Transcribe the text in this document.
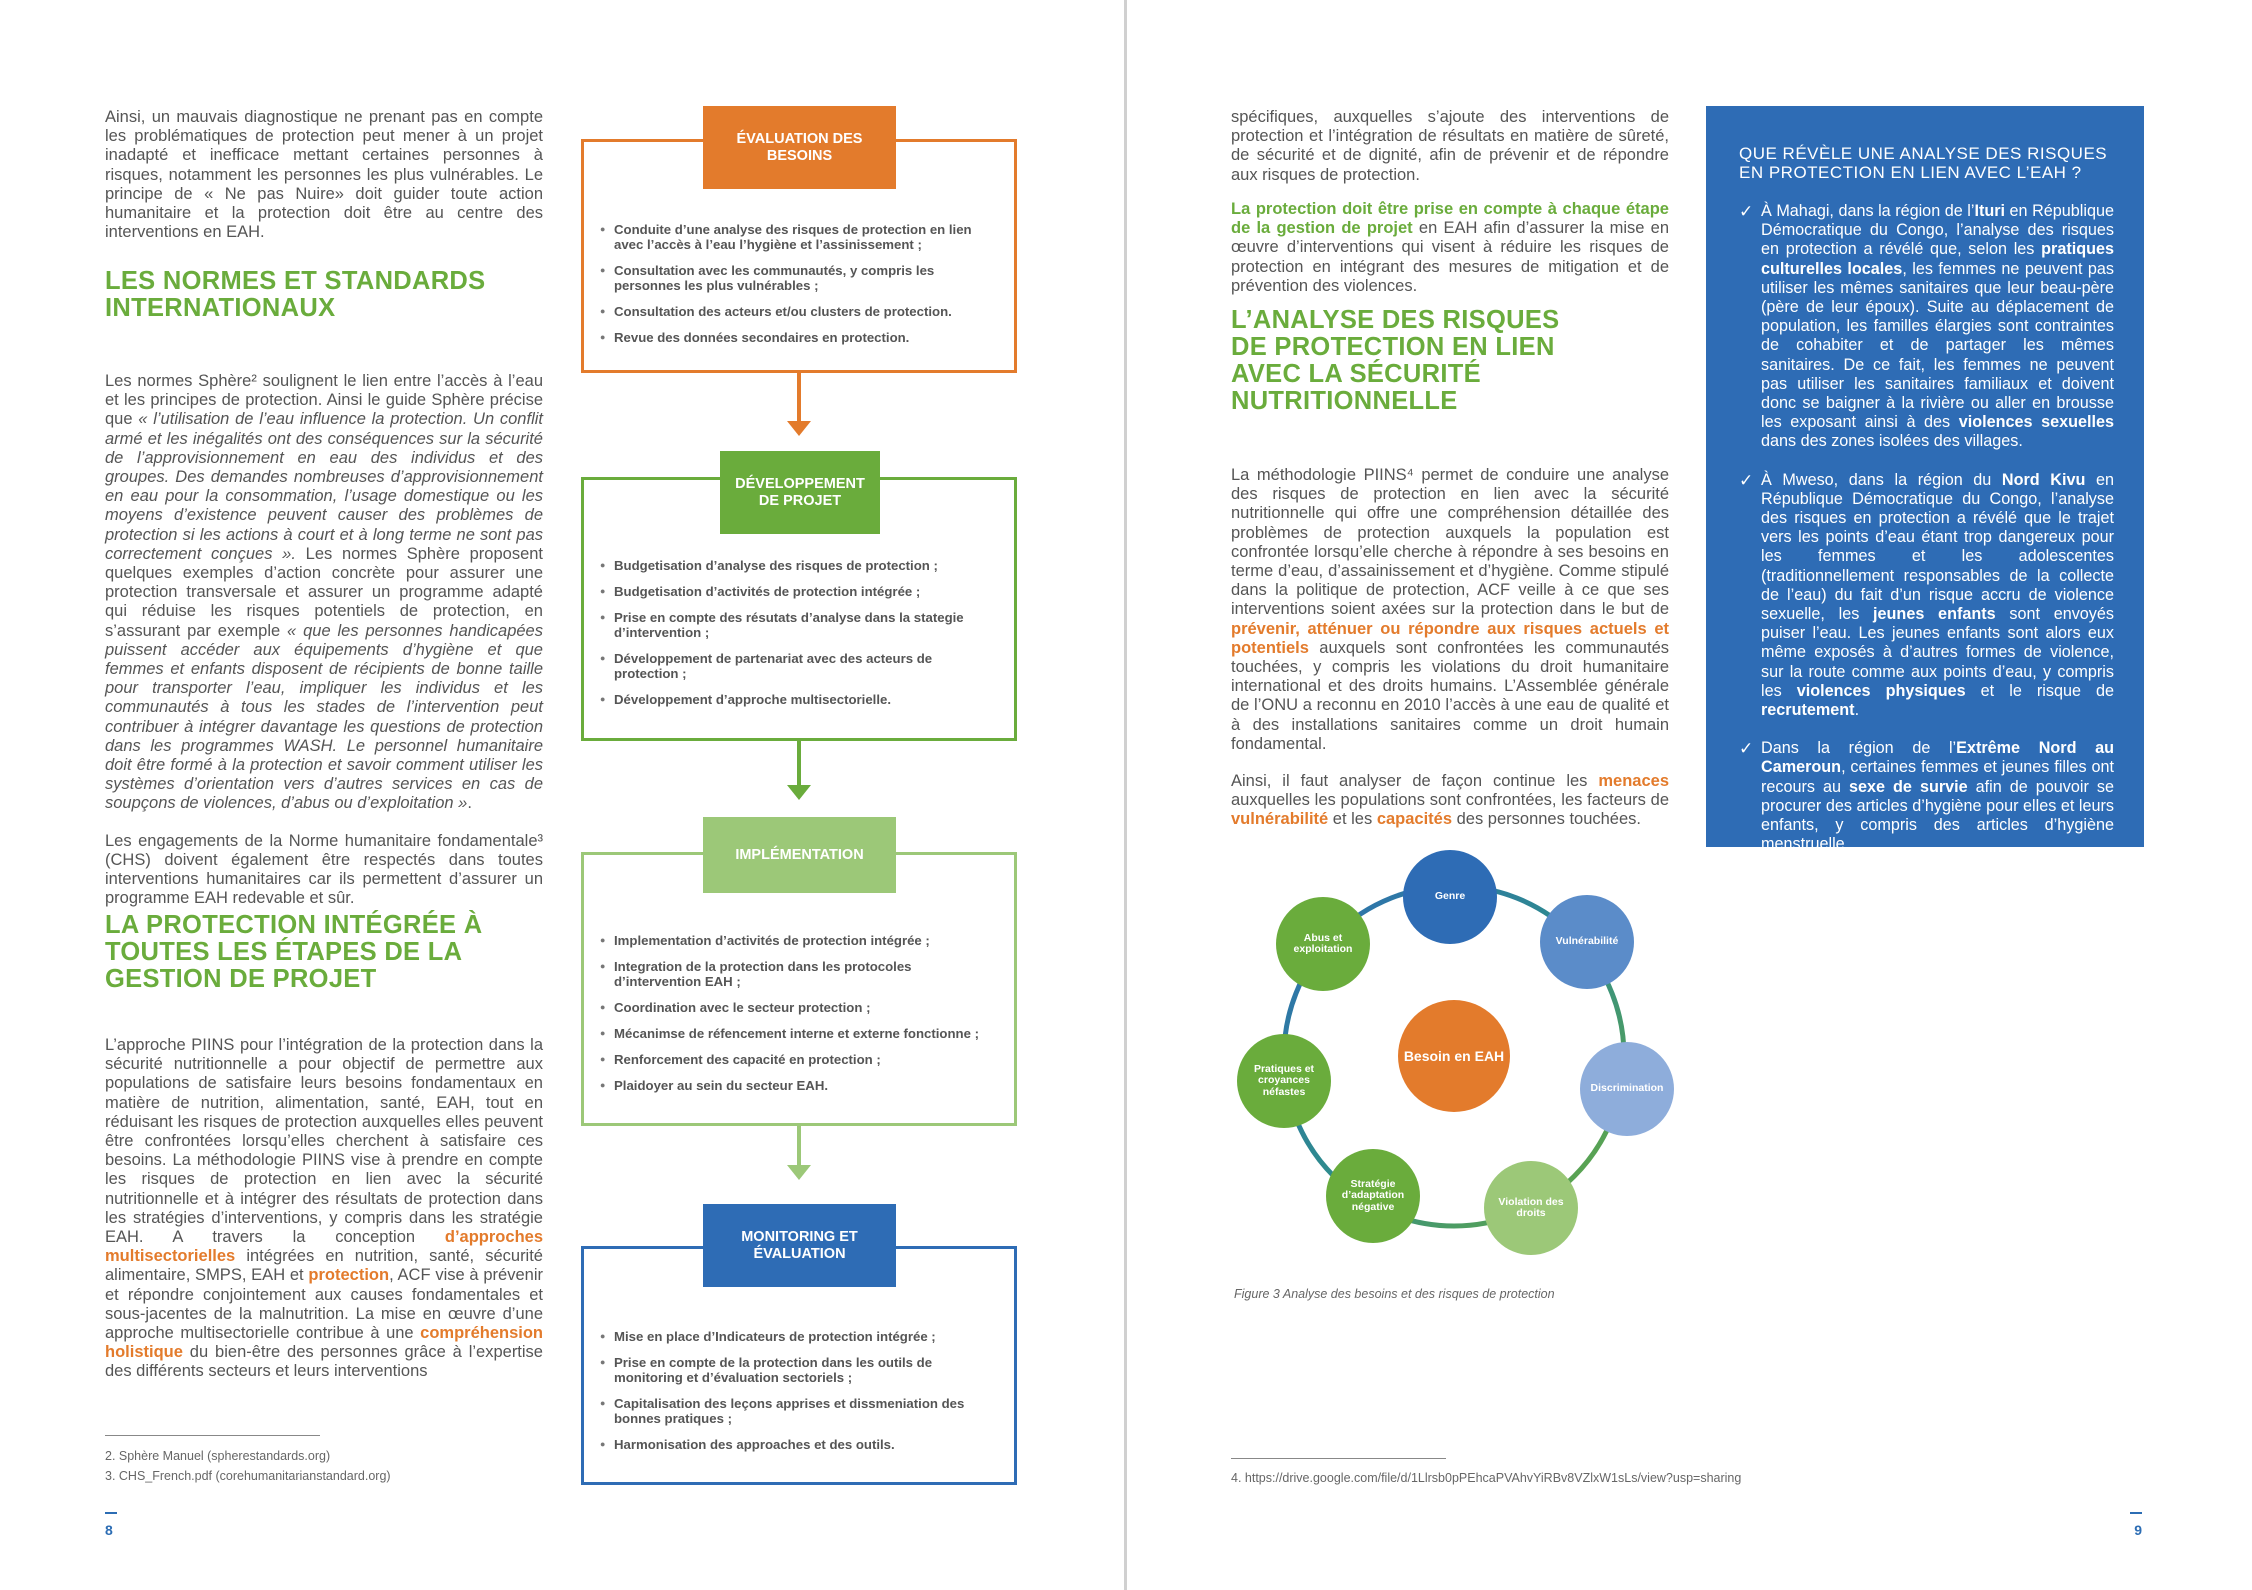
Ainsi, un mauvais diagnostique ne prenant pas en compte les problématiques de protection peut mener à un projet inadapté et inefficace mettant certaines personnes à risques, notamment les personnes les plus vulnérables. Le principe de « Ne pas Nuire» doit guider toute action humanitaire et la protection doit être au centre des interventions en EAH.
LES NORMES ET STANDARDS INTERNATIONAUX

Les normes Sphère² soulignent le lien entre l’accès à l’eau et les principes de protection. Ainsi le guide Sphère précise que « l’utilisation de l’eau influence la protection. Un conflit armé et les inégalités ont des conséquences sur la sécurité de l’approvisionnement en eau des individus et des groupes. Des demandes nombreuses d’approvisionnement en eau pour la consommation, l’usage domestique ou les moyens d’existence peuvent causer des problèmes de protection si les actions à court et à long terme ne sont pas correctement conçues ». Les normes Sphère proposent quelques exemples d’action concrète pour assurer une protection transversale et assurer un programme adapté qui réduise les risques potentiels de protection, en s’assurant par exemple « que les personnes handicapées puissent accéder aux équipements d’hygiène et que femmes et enfants disposent de récipients de bonne taille pour transporter l’eau, impliquer les individus et les communautés à tous les stades de l’intervention peut contribuer à intégrer davantage les questions de protection dans les programmes WASH. Le personnel humanitaire doit être formé à la protection et savoir comment utiliser les systèmes d’orientation vers d’autres services en cas de soupçons de violences, d’abus ou d’exploitation ».

Les engagements de la Norme humanitaire fondamentale³ (CHS) doivent également être respectés dans toutes interventions humanitaires car ils permettent d’assurer un programme EAH redevable et sûr.

LA PROTECTION INTÉGRÉE À TOUTES LES ÉTAPES DE LA GESTION DE PROJET
L’approche PIINS pour l’intégration de la protection dans la sécurité nutritionnelle a pour objectif de permettre aux populations de satisfaire leurs besoins fondamentaux en matière de nutrition, alimentation, santé, EAH, tout en réduisant les risques de protection auxquelles elles peuvent être confrontées lorsqu’elles cherchent à satisfaire ces besoins. La méthodologie PIINS vise à prendre en compte les risques de protection en lien avec la sécurité nutritionnelle et à intégrer des résultats de protection dans les stratégies d’interventions, y compris dans les stratégie EAH. A travers la conception d’approches multisectorielles intégrées en nutrition, santé, sécurité alimentaire, SMPS, EAH et protection, ACF vise à prévenir et répondre conjointement aux causes fondamentales et sous-jacentes de la malnutrition. La mise en œuvre d’une approche multisectorielle contribue à une compréhension holistique du bien-être des personnes grâce à l’expertise des différents secteurs et leurs interventions
2. Sphère Manuel (spherestandards.org)
3. CHS_French.pdf (corehumanitarianstandard.org)
8
● Conduite d’une analyse des risques de protection en lien avec l’accès à l’eau l’hygiène et l’assinissement ;
● Consultation avec les communautés, y compris les personnes les plus vulnérables ;
● Consultation des acteurs et/ou clusters de protection.
● Revue des données secondaires en protection.
ÉVALUATION DES BESOINS
● Budgetisation d’analyse des risques de protection ;
● Budgetisation d’activités de protection intégrée ;
● Prise en compte des résutats d’analyse dans la stategie d’intervention ;
● Développement de partenariat avec des acteurs de protection ;
● Développement d’approche multisectorielle.
DÉVELOPPEMENT DE PROJET
● Implementation d’activités de protection intégrée ;
● Integration de la protection dans les protocoles d’intervention EAH ;
● Coordination avec le secteur protection ;
● Mécanimse de réfencement interne et externe fonctionne ;
● Renforcement des capacité en protection ;
● Plaidoyer au sein du secteur EAH.
IMPLÉMENTATION
● Mise en place d’Indicateurs de protection intégrée ;
● Prise en compte de la protection dans les outils de monitoring et d’évaluation sectoriels ;
● Capitalisation des leçons apprises et dissmeniation des bonnes pratiques ;
● Harmonisation des approaches et des outils.
MONITORING ET ÉVALUATION
spécifiques, auxquelles s’ajoute des interventions de protection et l’intégration de résultats en matière de sûreté, de sécurité et de dignité, afin de prévenir et de répondre aux risques de protection.
La protection doit être prise en compte à chaque étape de la gestion de projet en EAH afin d’assurer la mise en œuvre d’interventions qui visent à réduire les risques de protection en intégrant des mesures de mitigation et de prévention des violences.
L’ANALYSE DES RISQUES DE PROTECTION EN LIEN AVEC LA SÉCURITÉ NUTRITIONNELLE

La méthodologie PIINS⁴ permet de conduire une analyse des risques de protection en lien avec la sécurité nutritionnelle qui offre une compréhension détaillée des problèmes de protection auxquels la population est confrontée lorsqu’elle cherche à répondre à ses besoins en terme d’eau, d’assainissement et d’hygiène. Comme stipulé dans la politique de protection, ACF veille à ce que ses interventions soient axées sur la protection dans le but de prévenir, atténuer ou répondre aux risques actuels et potentiels auxquels sont confrontées les communautés touchées, y compris les violations du droit humanitaire international et des droits humains. L’Assemblée générale de l’ONU a reconnu en 2010 l’accès à une eau de qualité et à des installations sanitaires comme un droit humain fondamental.

Ainsi, il faut analyser de façon continue les menaces auxquelles les populations sont confrontées, les facteurs de vulnérabilité et les capacités des personnes touchées.

Besoin en EAH
Genre
Vulnérabilité
Discrimination
Violation des droits
Stratégie d’adaptation négative
Pratiques et croyances néfastes
Abus et exploitation
Figure 3 Analyse des besoins et des risques de protection
4. https://drive.google.com/file/d/1Llrsb0pPEhcaPVAhvYiRBv8VZlxW1sLs/view?usp=sharing
9
QUE RÉVÈLE UNE ANALYSE DES RISQUES EN PROTECTION EN LIEN AVEC L’EAH ?
✓ À Mahagi, dans la région de l’Ituri en République Démocratique du Congo, l’analyse des risques en protection a révélé que, selon les pratiques culturelles locales, les femmes ne peuvent pas utiliser les mêmes sanitaires que leur beau-père (père de leur époux). Suite au déplacement de population, les familles élargies sont contraintes de cohabiter et de partager les mêmes sanitaires. De ce fait, les femmes ne peuvent pas utiliser les sanitaires familiaux et doivent donc se baigner à la rivière ou aller en brousse les exposant ainsi à des violences sexuelles dans des zones isolées des villages.
✓ À Mweso, dans la région du Nord Kivu en République Démocratique du Congo, l’analyse des risques en protection a révélé que le trajet vers les points d’eau étant trop dangereux pour les femmes et les adolescentes (traditionnellement responsables de la collecte de l’eau) du fait d’un risque accru de violence sexuelle, les jeunes enfants sont envoyés puiser l’eau. Les jeunes enfants sont alors eux même exposés à d’autres formes de violence, sur la route comme aux points d’eau, y compris les violences physiques et le risque de recrutement.
✓ Dans la région de l’Extrême Nord au Cameroun, certaines femmes et jeunes filles ont recours au sexe de survie afin de pouvoir se procurer des articles d’hygiène pour elles et leurs enfants, y compris des articles d’hygiène menstruelle.
